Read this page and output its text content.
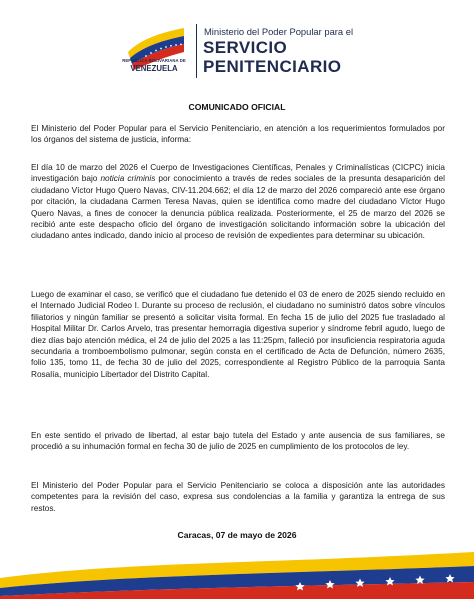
REPÚBLICA BOLIVARIANA DE
VENEZUELA
Ministerio del Poder Popular para el
SERVICIO
PENITENCIARIO
COMUNICADO OFICIAL

El Ministerio del Poder Popular para el Servicio Penitenciario, en atención a los requerimientos formulados por los órganos del sistema de justicia, informa:

El día 10 de marzo del 2026 el Cuerpo de Investigaciones Científicas, Penales y Criminalísticas (CICPC) inicia investigación bajo noticia criminis por conocimiento a través de redes sociales de la presunta desaparición del ciudadano Víctor Hugo Quero Navas, CIV-11.204.662; el día 12 de marzo del 2026 compareció ante ese órgano por citación, la ciudadana Carmen Teresa Navas, quien se identifica como madre del ciudadano Víctor Hugo Quero Navas, a fines de conocer la denuncia pública realizada. Posteriormente, el 25 de marzo del 2026 se recibió ante este despacho oficio del órgano de investigación solicitando información sobre la ubicación del ciudadano antes indicado, dando inicio al proceso de revisión de expedientes para determinar su ubicación.

Luego de examinar el caso, se verificó que el ciudadano fue detenido el 03 de enero de 2025 siendo recluido en el Internado Judicial Rodeo I. Durante su proceso de reclusión, el ciudadano no suministró datos sobre vínculos filiatorios y ningún familiar se presentó a solicitar visita formal. En fecha 15 de julio del 2025 fue trasladado al Hospital Militar Dr. Carlos Arvelo, tras presentar hemorragia digestiva superior y síndrome febril agudo, luego de diez días bajo atención médica, el 24 de julio del 2025 a las 11:25pm, falleció por insuficiencia respiratoria aguda secundaria a tromboembolismo pulmonar, según consta en el certificado de Acta de Defunción, número 2635, folio 135, tomo 11, de fecha 30 de julio del 2025, correspondiente al Registro Público de la parroquia Santa Rosalía, municipio Libertador del Distrito Capital.

En este sentido el privado de libertad, al estar bajo tutela del Estado y ante ausencia de sus familiares, se procedió a su inhumación formal en fecha 30 de julio de 2025 en cumplimiento de los protocolos de ley.

El Ministerio del Poder Popular para el Servicio Penitenciario se coloca a disposición ante las autoridades competentes para la revisión del caso, expresa sus condolencias a la familia y garantiza la entrega de sus restos.

Caracas, 07 de mayo de 2026
